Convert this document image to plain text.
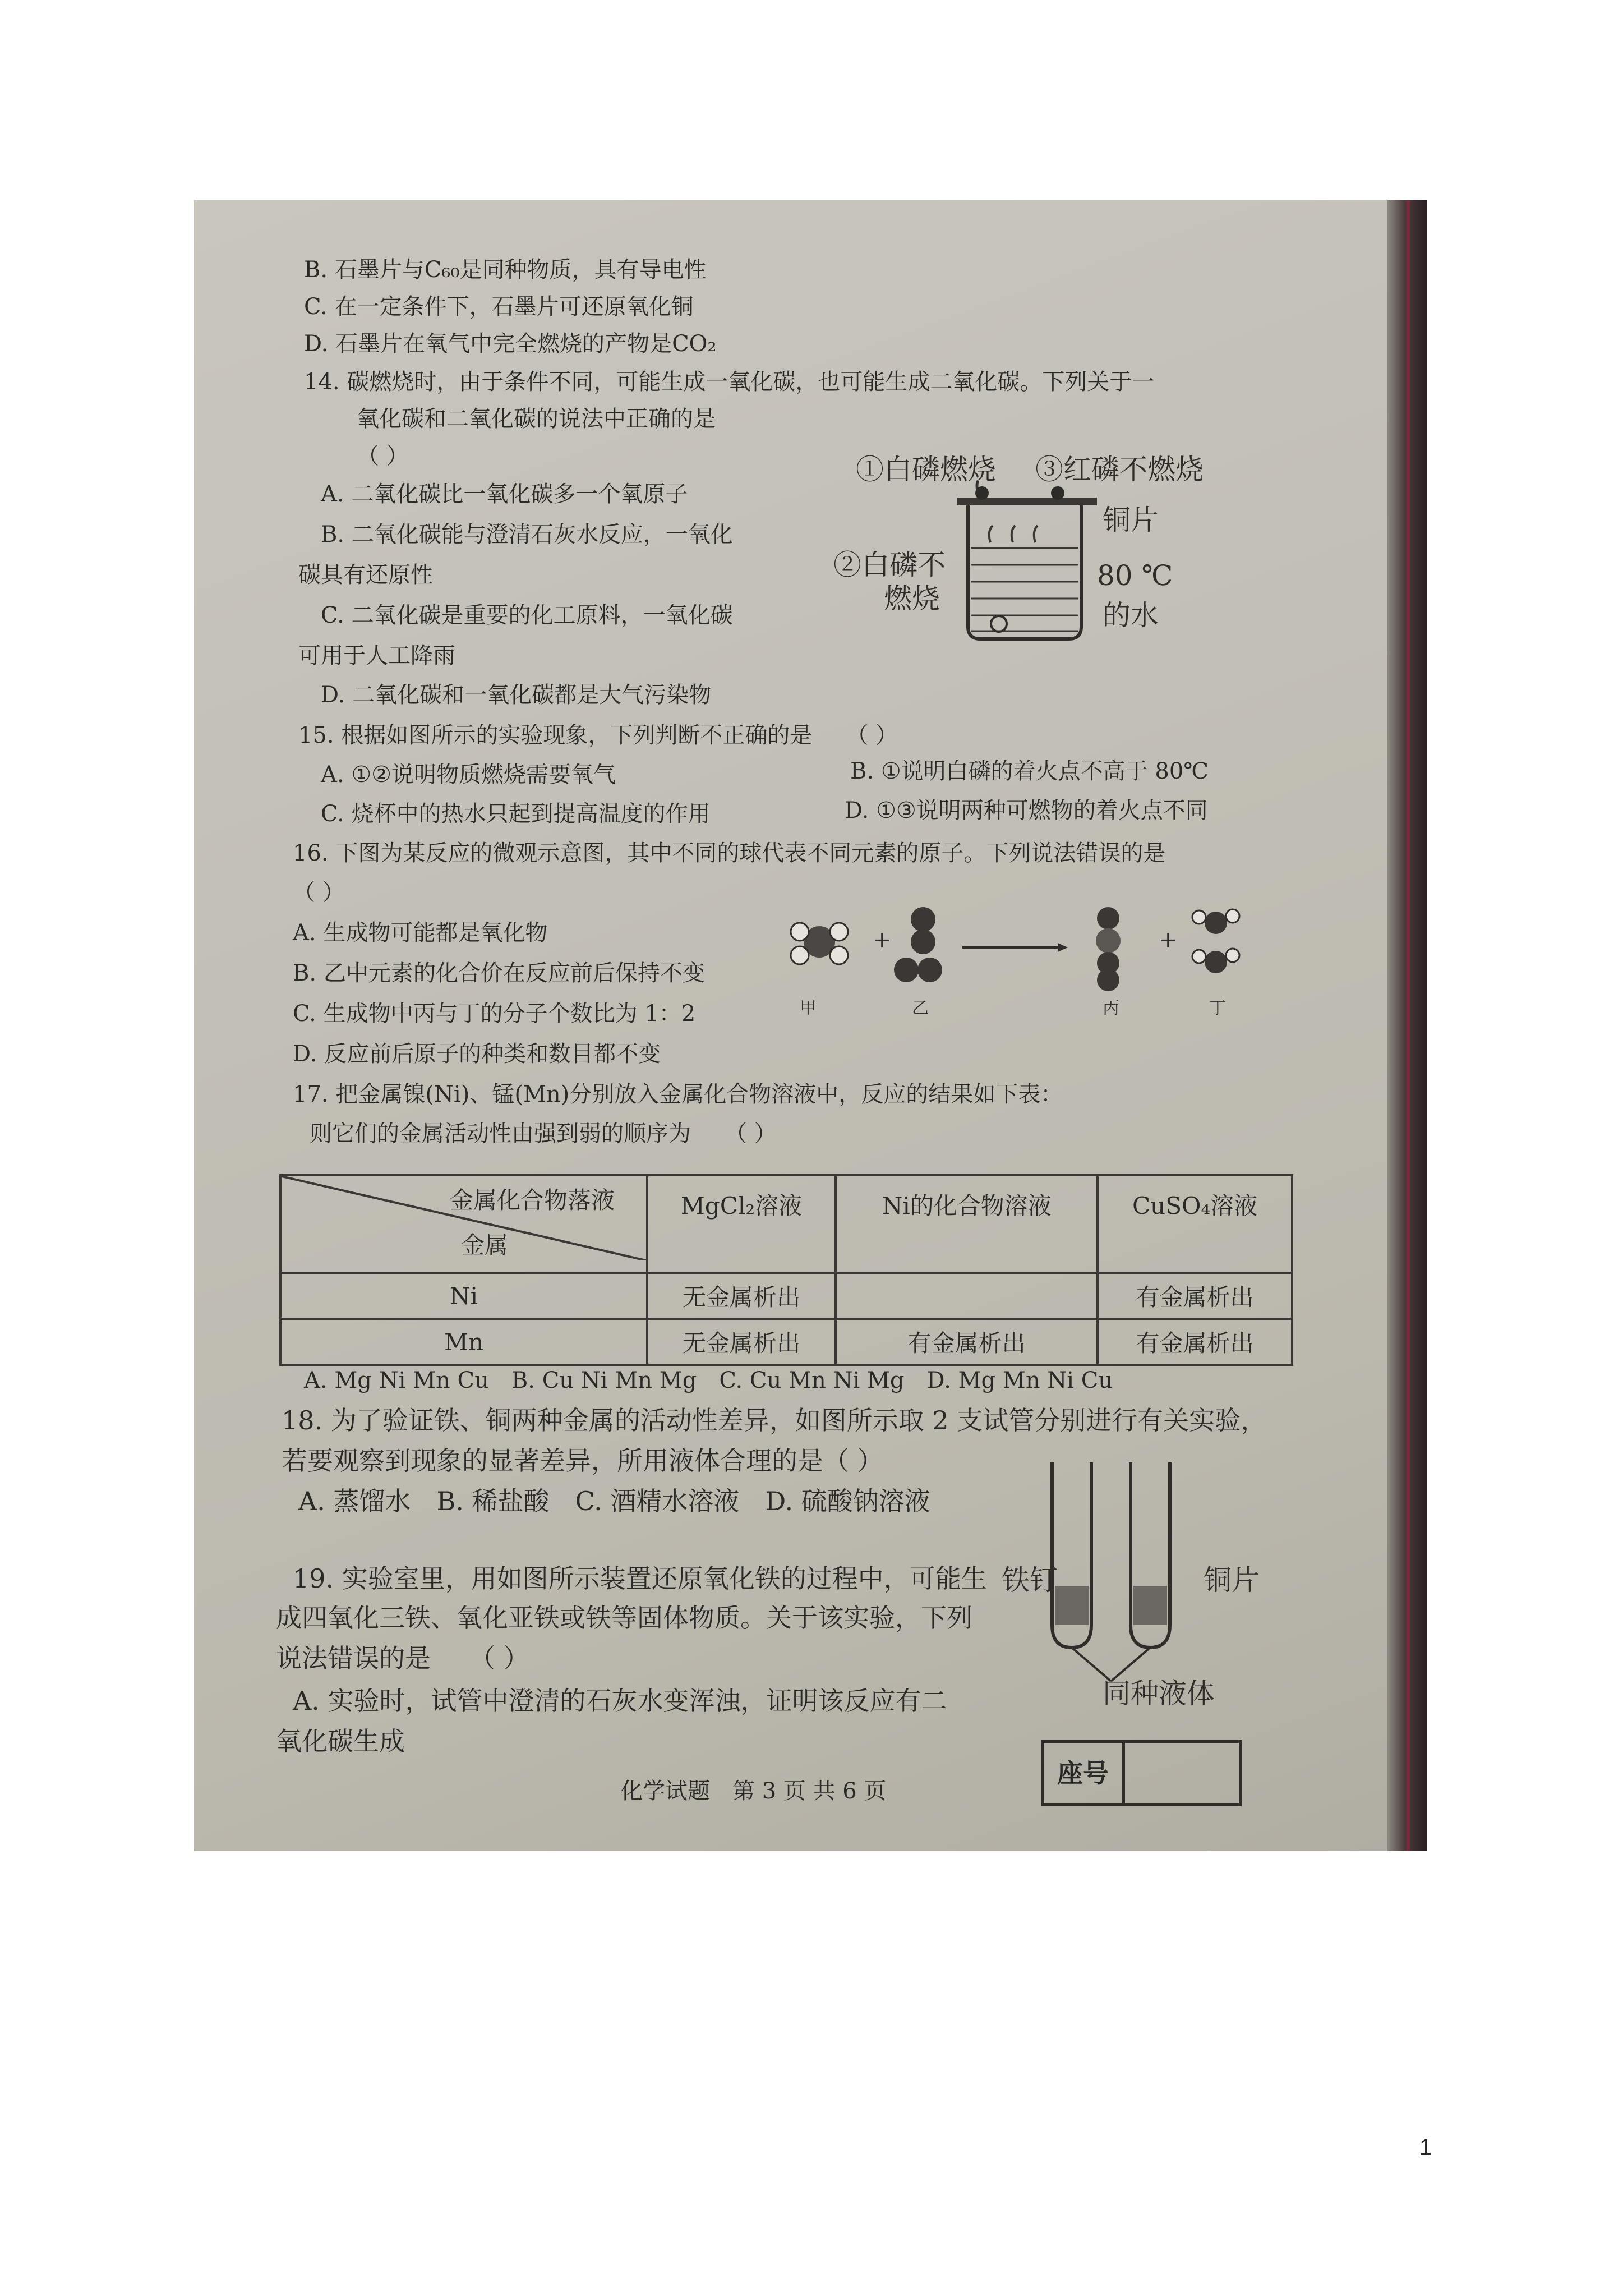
B. 石墨片与C₆₀是同种物质，具有导电性
C. 在一定条件下，石墨片可还原氧化铜
D. 石墨片在氧气中完全燃烧的产物是CO₂
14. 碳燃烧时，由于条件不同，可能生成一氧化碳，也可能生成二氧化碳。下列关于一
氧化碳和二氧化碳的说法中正确的是
（ ）
A. 二氧化碳比一氧化碳多一个氧原子
B. 二氧化碳能与澄清石灰水反应，一氧化
碳具有还原性
C. 二氧化碳是重要的化工原料，一氧化碳
可用于人工降雨
D. 二氧化碳和一氧化碳都是大气污染物
①白磷燃烧 ③红磷不燃烧
铜片
②白磷不
燃烧
80 ℃
的水
15. 根据如图所示的实验现象，下列判断不正确的是　　（ ）
A. ①②说明物质燃烧需要氧气	B. ①说明白磷的着火点不高于 80℃
C. 烧杯中的热水只起到提高温度的作用	D. ①③说明两种可燃物的着火点不同
16. 下图为某反应的微观示意图，其中不同的球代表不同元素的原子。下列说法错误的是
（ ）
A. 生成物可能都是氧化物
B. 乙中元素的化合价在反应前后保持不变
C. 生成物中丙与丁的分子个数比为 1：2
D. 反应前后原子的种类和数目都不变
+	+
甲	乙	丙	丁
17. 把金属镍(Ni)、锰(Mn)分别放入金属化合物溶液中，反应的结果如下表：
则它们的金属活动性由强到弱的顺序为　　（ ）
金属化合物落液
金属	MgCl₂溶液	Ni的化合物溶液	CuSO₄溶液
Ni	无金属析出		有金属析出
Mn	无金属析出	有金属析出	有金属析出
A. Mg Ni Mn Cu　B. Cu Ni Mn Mg　C. Cu Mn Ni Mg　D. Mg Mn Ni Cu
18. 为了验证铁、铜两种金属的活动性差异，如图所示取 2 支试管分别进行有关实验，
若要观察到现象的显著差异，所用液体合理的是（ ）
A. 蒸馏水　B. 稀盐酸　C. 酒精水溶液　D. 硫酸钠溶液
铁钉	铜片
同种液体
19. 实验室里，用如图所示装置还原氧化铁的过程中，可能生
成四氧化三铁、氧化亚铁或铁等固体物质。关于该实验，下列
说法错误的是　　（ ）
A. 实验时，试管中澄清的石灰水变浑浊，证明该反应有二
氧化碳生成
化学试题　第 3 页 共 6 页
座号
1
